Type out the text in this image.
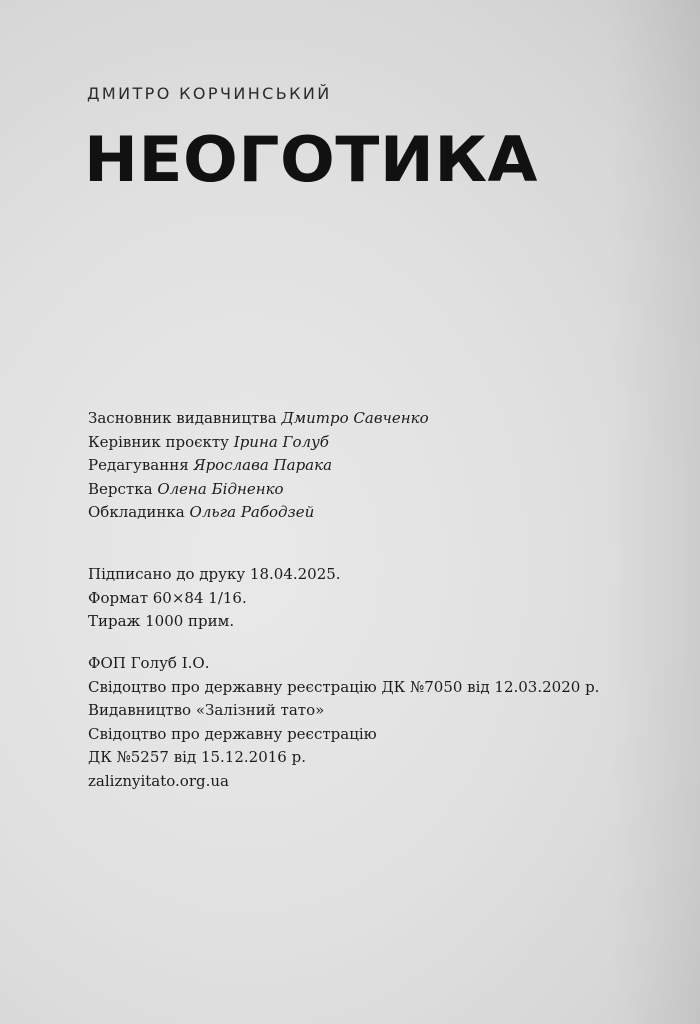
ДМИТРО КОРЧИНСЬКИЙ
НЕОГОТИКА
Засновник видавництва Дмитро Савченко
Керівник проєкту Ірина Голуб
Редагування Ярослава Парака
Верстка Олена Бідненко
Обкладинка Ольга Рабодзей
Підписано до друку 18.04.2025.
Формат 60×84 1/16.
Тираж 1000 прим.
ФОП Голуб І.О.
Свідоцтво про державну реєстрацію ДК №7050 від 12.03.2020 р.
Видавництво «Залізний тато»
Свідоцтво про державну реєстрацію
ДК №5257 від 15.12.2016 р.
zaliznyitato.org.ua
